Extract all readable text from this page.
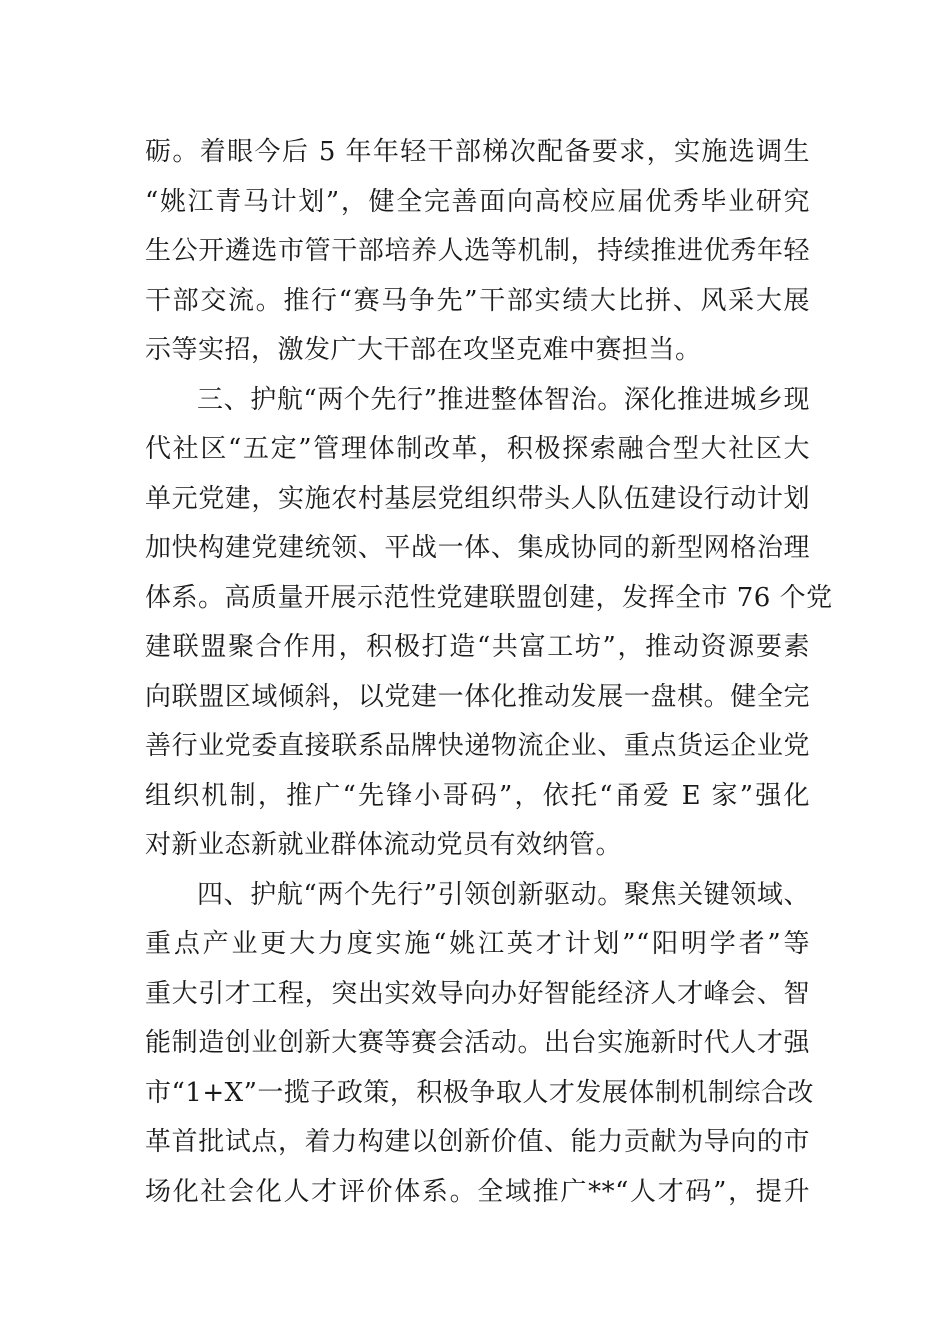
砺。着眼今后 5 年年轻干部梯次配备要求，实施选调生
“姚江青马计划”，健全完善面向高校应届优秀毕业研究
生公开遴选市管干部培养人选等机制，持续推进优秀年轻
干部交流。推行“赛马争先”干部实绩大比拼、风采大展
示等实招，激发广大干部在攻坚克难中赛担当。
三、护航“两个先行”推进整体智治。深化推进城乡现
代社区“五定”管理体制改革，积极探索融合型大社区大
单元党建，实施农村基层党组织带头人队伍建设行动计划
加快构建党建统领、平战一体、集成协同的新型网格治理
体系。高质量开展示范性党建联盟创建，发挥全市 76 个党
建联盟聚合作用，积极打造“共富工坊”，推动资源要素
向联盟区域倾斜，以党建一体化推动发展一盘棋。健全完
善行业党委直接联系品牌快递物流企业、重点货运企业党
组织机制，推广“先锋小哥码”，依托“甬爱 E 家”强化
对新业态新就业群体流动党员有效纳管。
四、护航“两个先行”引领创新驱动。聚焦关键领域、
重点产业更大力度实施“姚江英才计划”“阳明学者”等
重大引才工程，突出实效导向办好智能经济人才峰会、智
能制造创业创新大赛等赛会活动。出台实施新时代人才强
市“1+X”一揽子政策，积极争取人才发展体制机制综合改
革首批试点，着力构建以创新价值、能力贡献为导向的市
场化社会化人才评价体系。全域推广**“人才码”，提升
